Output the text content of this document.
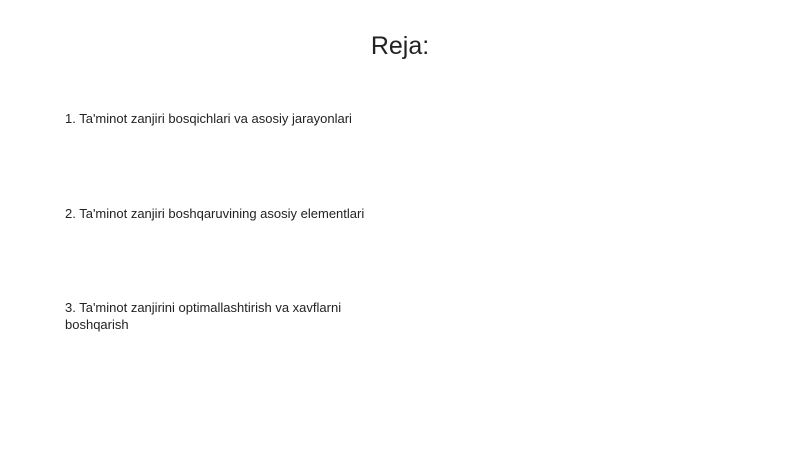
Reja:
1. Ta'minot zanjiri bosqichlari va asosiy jarayonlari
2. Ta'minot zanjiri boshqaruvining asosiy elementlari
3. Ta'minot zanjirini optimallashtirish va xavflarni boshqarish
